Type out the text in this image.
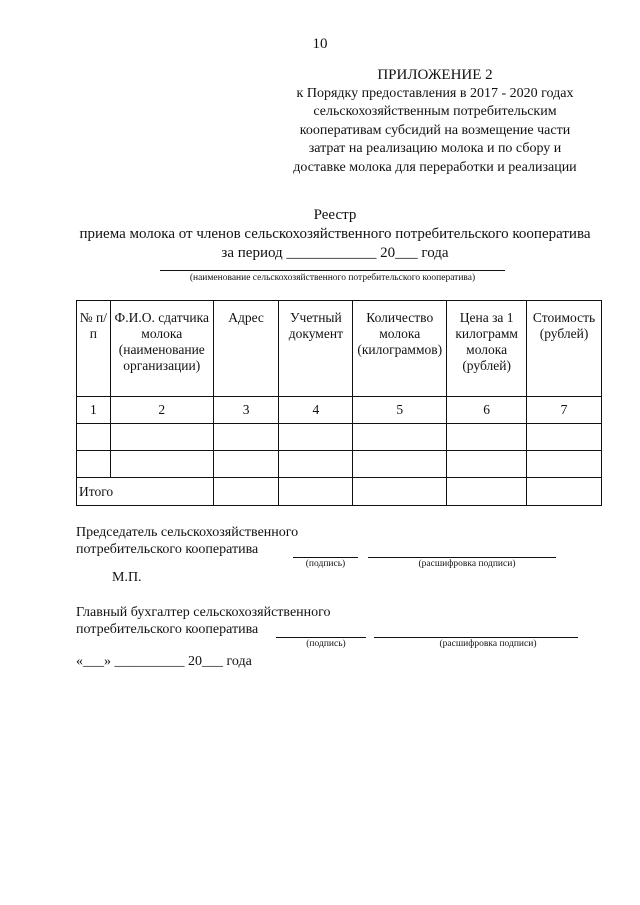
10
ПРИЛОЖЕНИЕ 2
к Порядку предоставления в 2017 - 2020 годах
сельскохозяйственным потребительским
кооперативам субсидий на возмещение части
затрат на реализацию молока и по сбору и
доставке молока для переработки и реализации
Реестр
приема молока от членов сельскохозяйственного потребительского кооператива
за период ____________ 20___ года
(наименование сельскохозяйственного потребительского кооператива)
№ п/п	Ф.И.О. сдатчика молока (наименование организации)	Адрес	Учетный документ	Количество молока (килограммов)	Цена за 1 килограмм молока (рублей)	Стоимость (рублей)
1	2	3	4	5	6	7

Итого						
Председатель сельскохозяйственного
потребительского кооператива
(подпись)	(расшифровка подписи)
М.П.
Главный бухгалтер сельскохозяйственного
потребительского кооператива
(подпись)	(расшифровка подписи)
«___» __________ 20___ года
